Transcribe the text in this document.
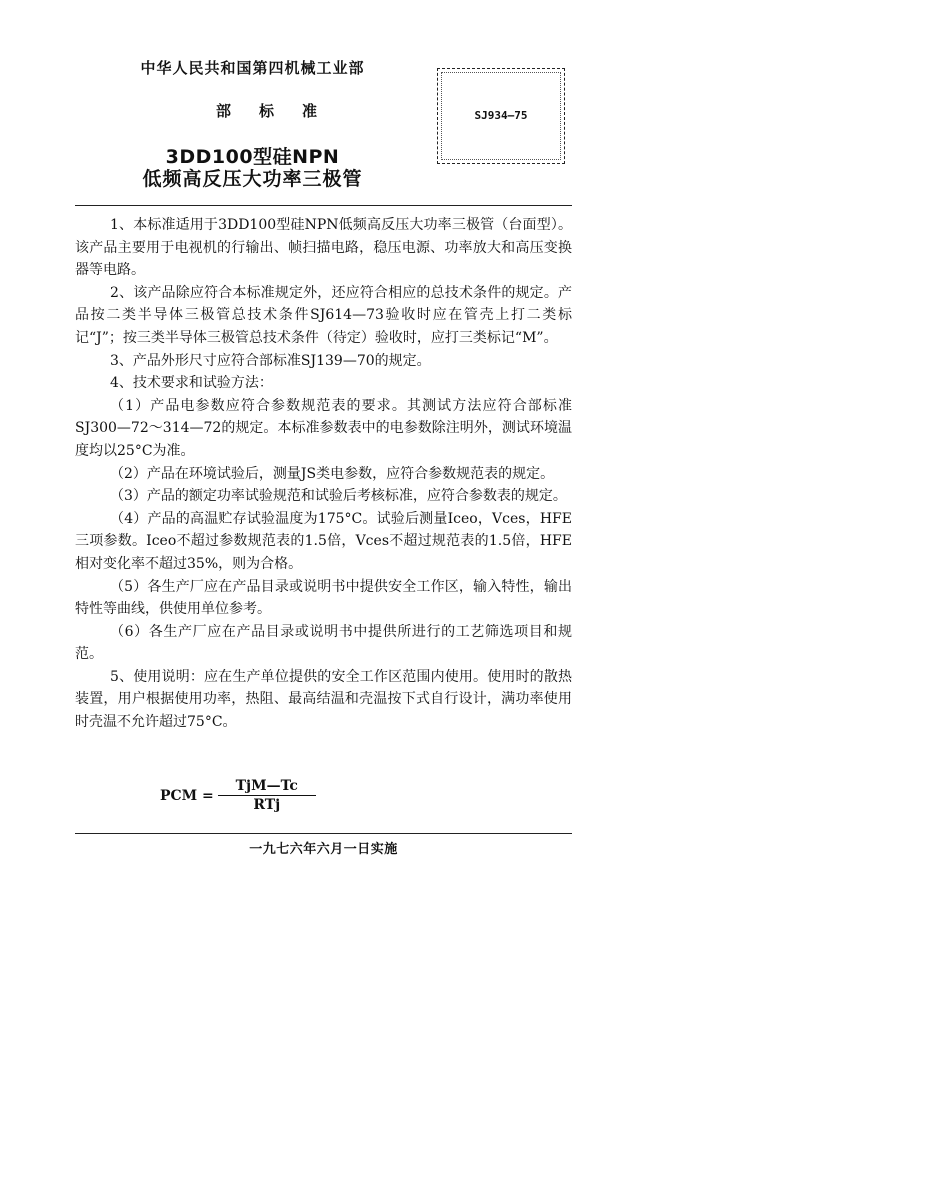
中华人民共和国第四机械工业部
部标准
3DD100型硅NPN
低频高反压大功率三极管
SJ934—75

1、本标准适用于3DD100型硅NPN低频高反压大功率三极管（台面型）。该产品主要用于电视机的行输出、帧扫描电路，稳压电源、功率放大和高压变换器等电路。

2、该产品除应符合本标准规定外，还应符合相应的总技术条件的规定。产品按二类半导体三极管总技术条件SJ614—73验收时应在管壳上打二类标记“J”；按三类半导体三极管总技术条件（待定）验收时，应打三类标记“M”。

3、产品外形尺寸应符合部标准SJ139—70的规定。

4、技术要求和试验方法：

（1）产品电参数应符合参数规范表的要求。其测试方法应符合部标准SJ300—72～314—72的规定。本标准参数表中的电参数除注明外，测试环境温度均以25°C为准。

（2）产品在环境试验后，测量JS类电参数，应符合参数规范表的规定。

（3）产品的额定功率试验规范和试验后考核标准，应符合参数表的规定。

（4）产品的高温贮存试验温度为175°C。试验后测量Iceo，Vces，HFE三项参数。Iceo不超过参数规范表的1.5倍，Vces不超过规范表的1.5倍，HFE相对变化率不超过35%，则为合格。

（5）各生产厂应在产品目录或说明书中提供安全工作区，输入特性，输出特性等曲线，供使用单位参考。

（6）各生产厂应在产品目录或说明书中提供所进行的工艺筛选项目和规范。

5、使用说明：应在生产单位提供的安全工作区范围内使用。使用时的散热装置，用户根据使用功率，热阻、最高结温和壳温按下式自行设计，满功率使用时壳温不允许超过75°C。

PCM = $\frac{\text{TjM—Tc}}{\text{RTj}}$
一九七六年六月一日实施
